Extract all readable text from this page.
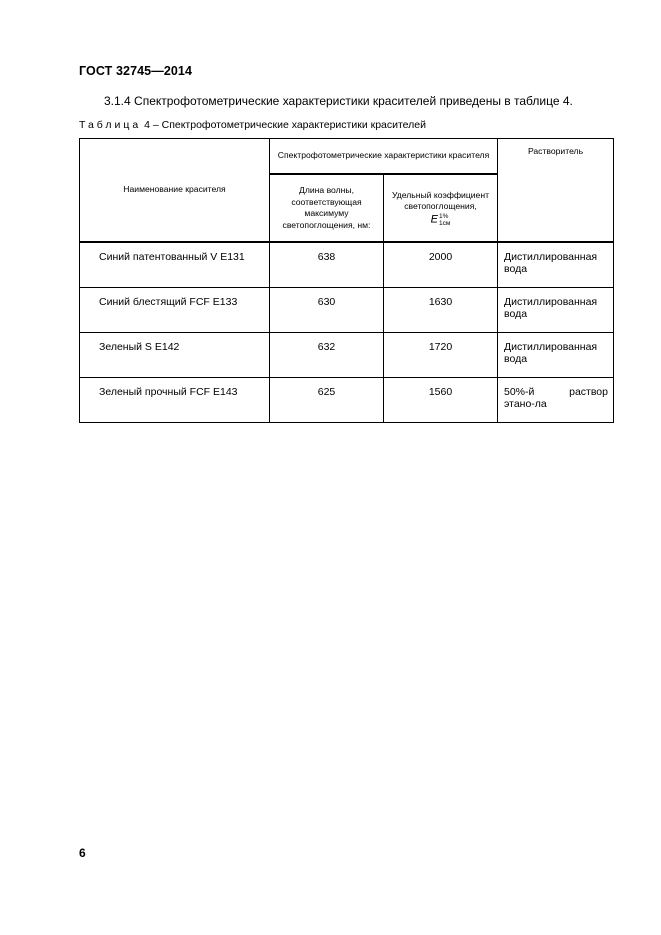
ГОСТ 32745—2014
3.1.4 Спектрофотометрические характеристики красителей приведены в таблице 4.
Таблица 4 – Спектрофотометрические характеристики красителей
Наименование красителя	Спектрофотометрические характеристики красителя		Растворитель
	Длина волны, соответствующая максимуму светопоглощения, нм:	Удельный коэффициент светопоглощения,
E1%
1см	

Синий патентованный V E131	638	2000	Дистиллированная вода
Синий блестящий FCF E133	630	1630	Дистиллированная вода
Зеленый S E142	632	1720	Дистиллированная вода
Зеленый прочный FCF E143	625	1560	50%-й раствор этано-ла
6
